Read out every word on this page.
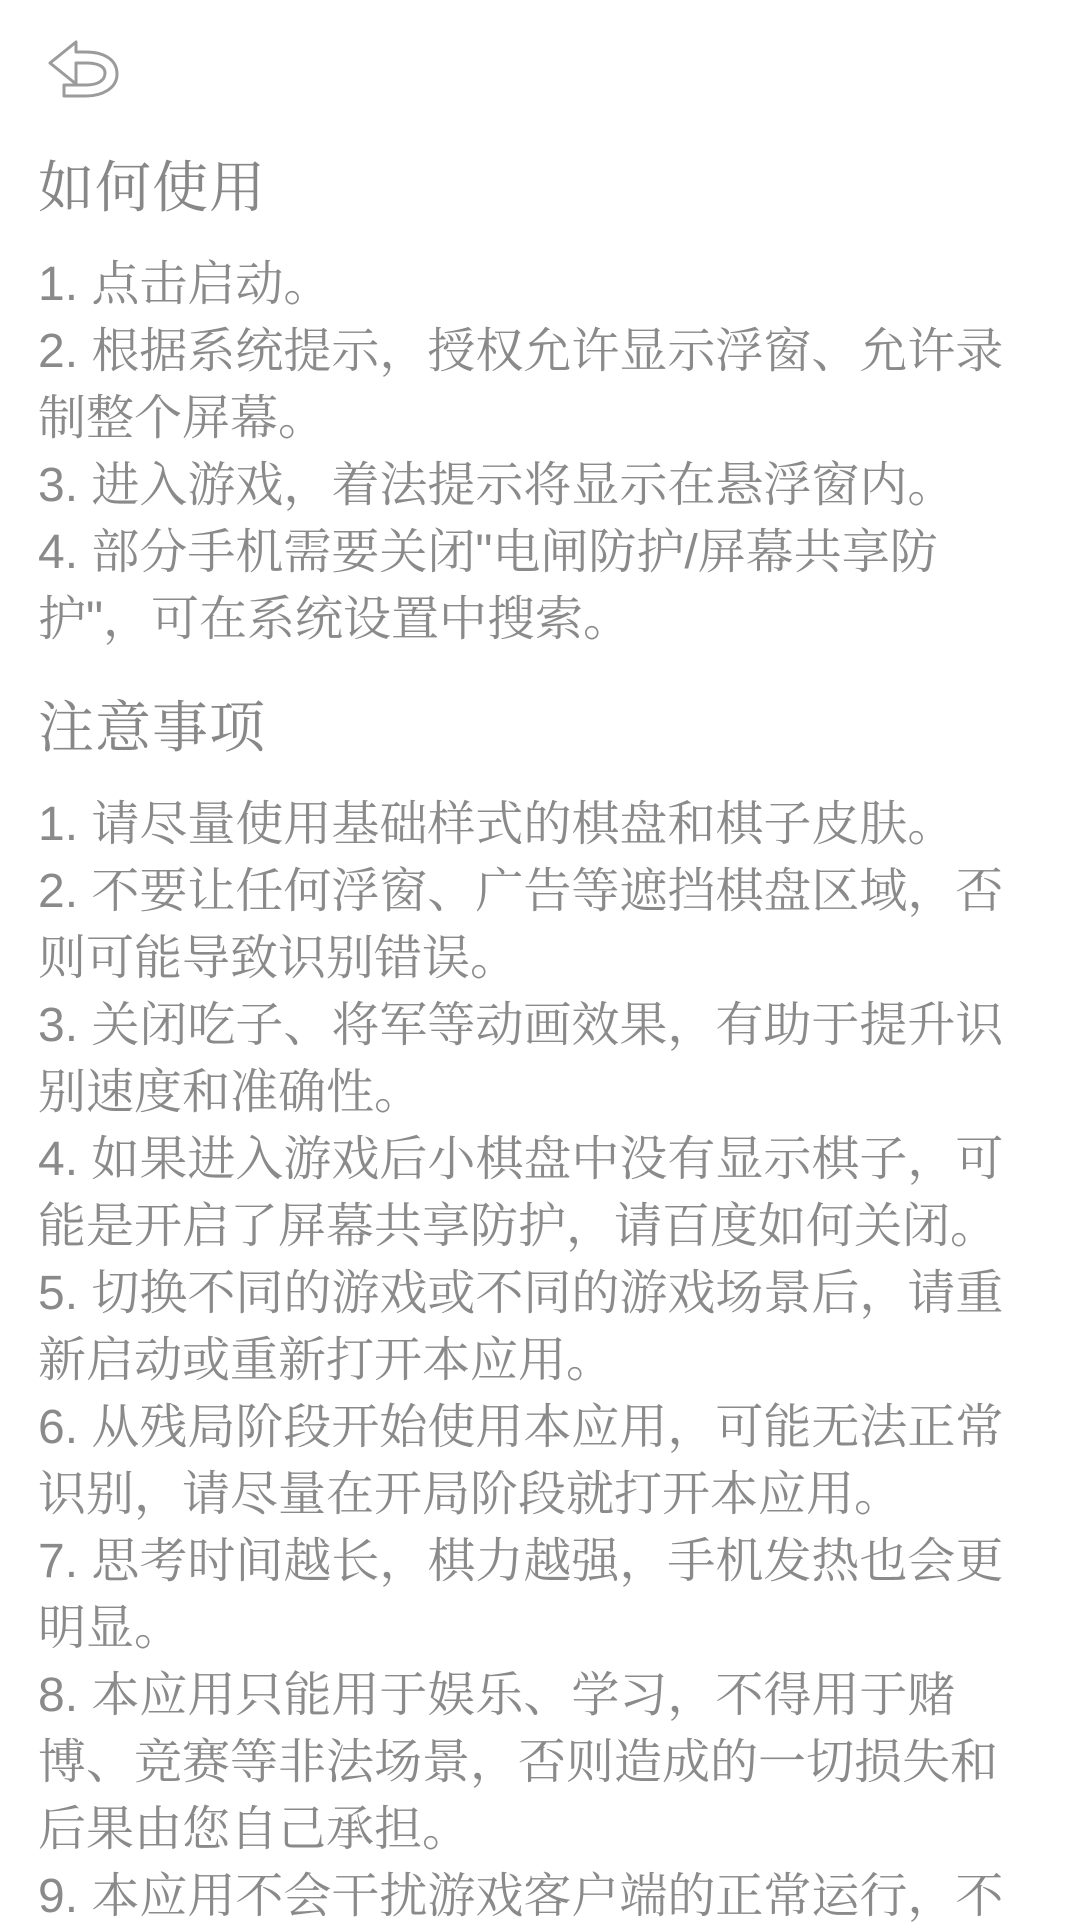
如何使用
1. 点击启动。
2. 根据系统提示，授权允许显示浮窗、允许录制整个屏幕。
3. 进入游戏，着法提示将显示在悬浮窗内。
4. 部分手机需要关闭"电闸防护/屏幕共享防护"，可在系统设置中搜索。
注意事项
1. 请尽量使用基础样式的棋盘和棋子皮肤。
2. 不要让任何浮窗、广告等遮挡棋盘区域，否则可能导致识别错误。
3. 关闭吃子、将军等动画效果，有助于提升识别速度和准确性。
4. 如果进入游戏后小棋盘中没有显示棋子，可能是开启了屏幕共享防护，请百度如何关闭。
5. 切换不同的游戏或不同的游戏场景后，请重新启动或重新打开本应用。
6. 从残局阶段开始使用本应用，可能无法正常识别，请尽量在开局阶段就打开本应用。
7. 思考时间越长，棋力越强，手机发热也会更明显。
8. 本应用只能用于娱乐、学习，不得用于赌博、竞赛等非法场景，否则造成的一切损失和后果由您自己承担。
9. 本应用不会干扰游戏客户端的正常运行，不
